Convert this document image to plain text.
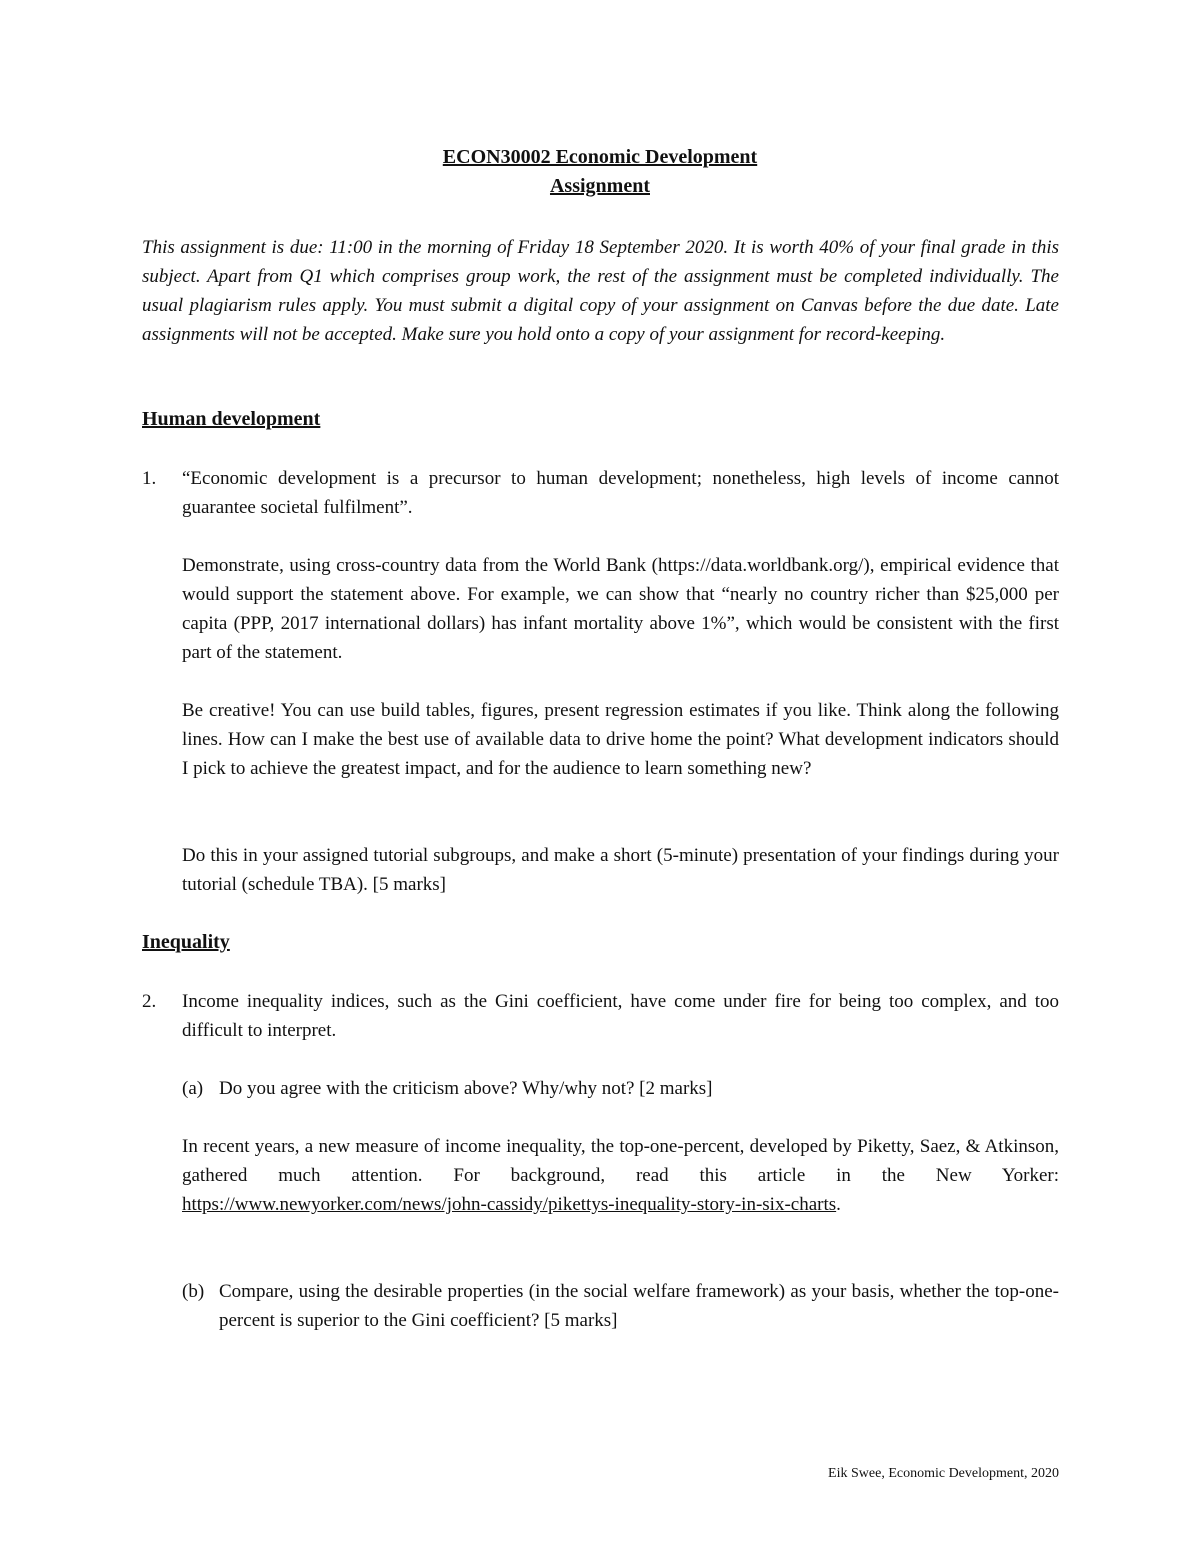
ECON30002 Economic Development
Assignment
This assignment is due: 11:00 in the morning of Friday 18 September 2020. It is worth 40% of your final grade in this subject. Apart from Q1 which comprises group work, the rest of the assignment must be completed individually. The usual plagiarism rules apply. You must submit a digital copy of your assignment on Canvas before the due date. Late assignments will not be accepted. Make sure you hold onto a copy of your assignment for record-keeping.
Human development
1. “Economic development is a precursor to human development; nonetheless, high levels of income cannot guarantee societal fulfilment”.
Demonstrate, using cross-country data from the World Bank (https://data.worldbank.org/), empirical evidence that would support the statement above. For example, we can show that “nearly no country richer than $25,000 per capita (PPP, 2017 international dollars) has infant mortality above 1%”, which would be consistent with the first part of the statement.
Be creative! You can use build tables, figures, present regression estimates if you like. Think along the following lines. How can I make the best use of available data to drive home the point? What development indicators should I pick to achieve the greatest impact, and for the audience to learn something new?
Do this in your assigned tutorial subgroups, and make a short (5-minute) presentation of your findings during your tutorial (schedule TBA). [5 marks]
Inequality
2. Income inequality indices, such as the Gini coefficient, have come under fire for being too complex, and too difficult to interpret.
(a) Do you agree with the criticism above? Why/why not? [2 marks]
In recent years, a new measure of income inequality, the top-one-percent, developed by Piketty, Saez, & Atkinson, gathered much attention. For background, read this article in the New Yorker: https://www.newyorker.com/news/john-cassidy/pikettys-inequality-story-in-six-charts.
(b) Compare, using the desirable properties (in the social welfare framework) as your basis, whether the top-one-percent is superior to the Gini coefficient? [5 marks]
Eik Swee, Economic Development, 2020
